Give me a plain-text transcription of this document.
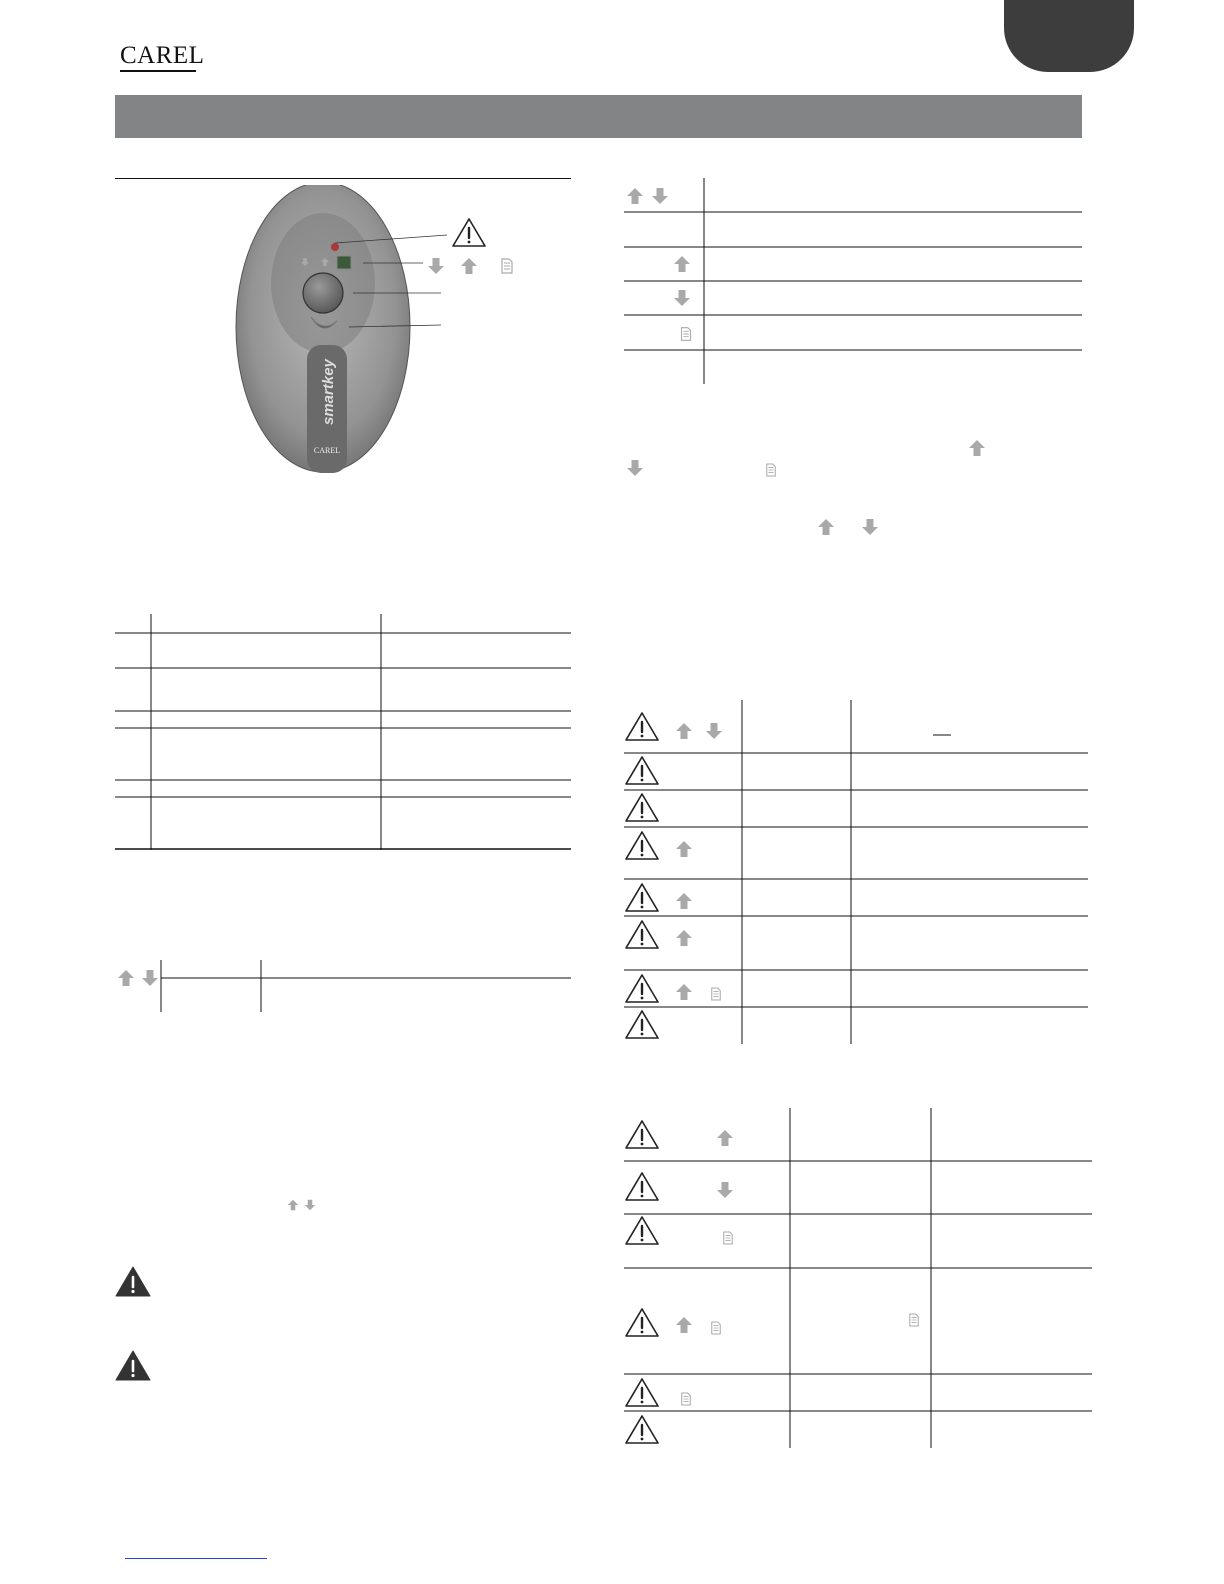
CAREL
smartkey
CAREL
